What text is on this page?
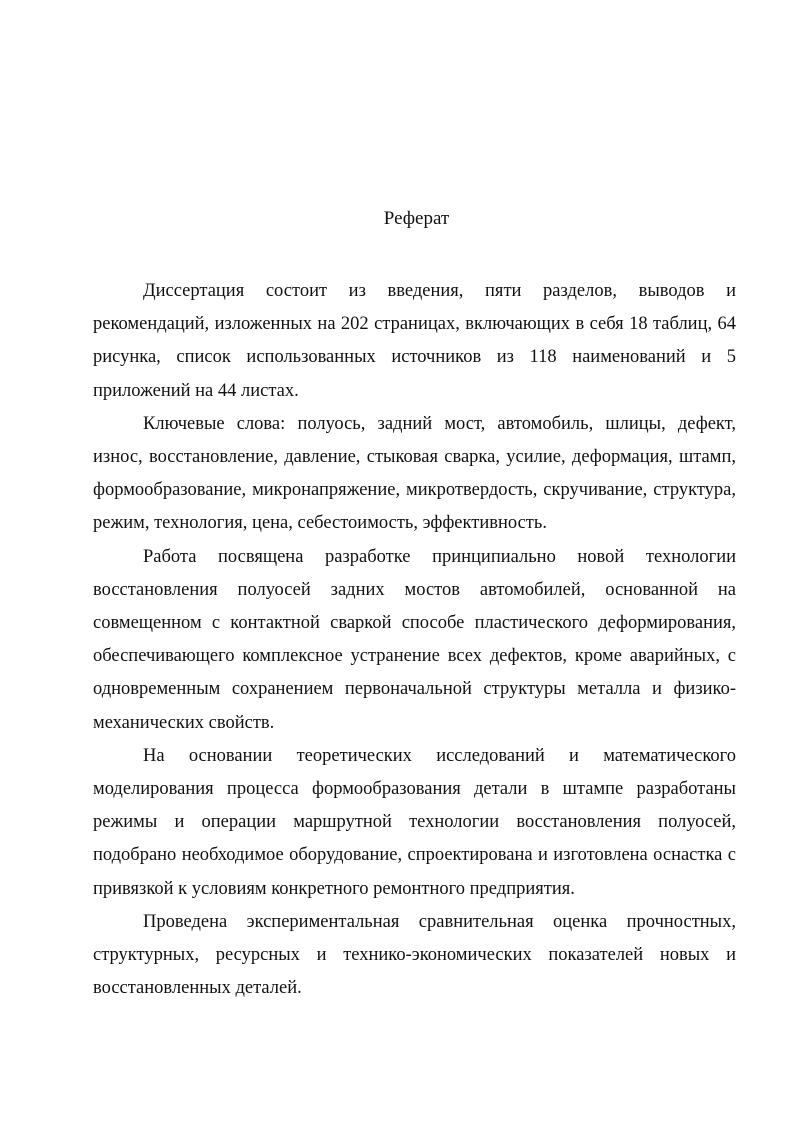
Реферат

Диссертация состоит из введения, пяти разделов, выводов и рекомендаций, изложенных на 202 страницах, включающих в себя 18 таблиц, 64 рисунка, список использованных источников из 118 наименований и 5 приложений на 44 листах.

Ключевые слова: полуось, задний мост, автомобиль, шлицы, дефект, износ, восстановление, давление, стыковая сварка, усилие, деформация, штамп, формообразование, микронапряжение, микротвердость, скручивание, структура, режим, технология, цена, себестоимость, эффективность.

Работа посвящена разработке принципиально новой технологии восстановления полуосей задних мостов автомобилей, основанной на совмещенном с контактной сваркой способе пластического деформирования, обеспечивающего комплексное устранение всех дефектов, кроме аварийных, с одновременным сохранением первоначальной структуры металла и физико-механических свойств.

На основании теоретических исследований и математического моделирования процесса формообразования детали в штампе разработаны режимы и операции маршрутной технологии восстановления полуосей, подобрано необходимое оборудование, спроектирована и изготовлена оснастка с привязкой к условиям конкретного ремонтного предприятия.

Проведена экспериментальная сравнительная оценка прочностных, структурных, ресурсных и технико-экономических показателей новых и восстановленных деталей.
